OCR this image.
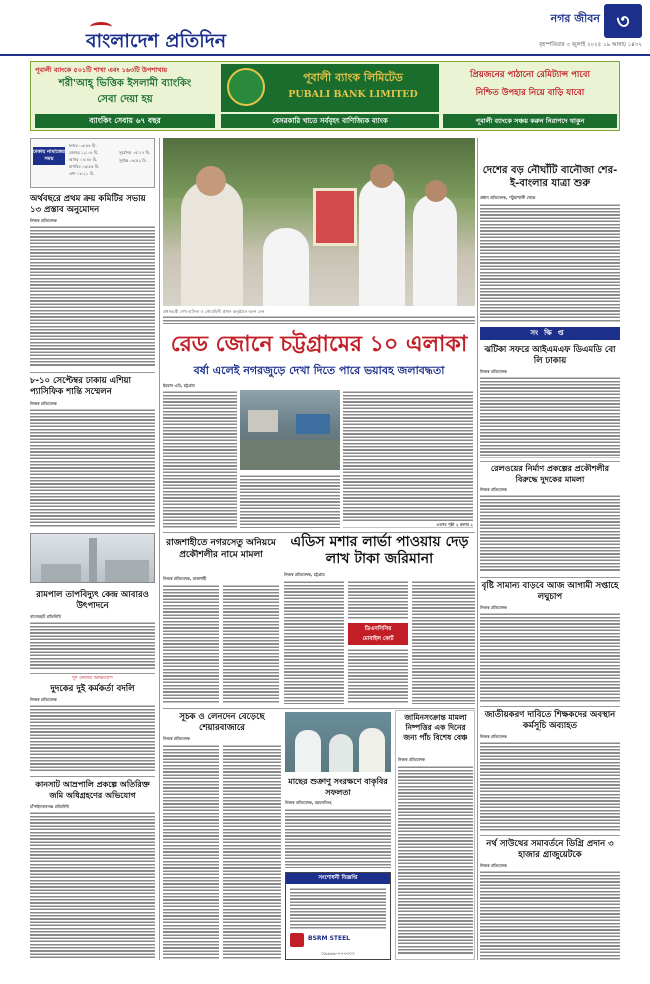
বাংলাদেশ প্রতিদিন
নগর জীবন ৩
বৃহস্পতিবার ৩ জুলাই ২০২৫ ১৯ আষাঢ় ১৪৩২
পূবালী ব্যাংকে ৫০১টি শাখা এবং ১৬৩টি উপশাখায়
শরী'আহ্ ভিত্তিক ইসলামী ব্যাংকিং
সেবা দেয়া হয়
ব্যাংকিং সেবায় ৬৭ বছর
পূবালী ব্যাংক লিমিটেড
PUBALI BANK LIMITED
বেসরকারি খাতে সর্ববৃহৎ বাণিজ্যিক ব্যাংক
প্রিয়জনের পাঠানো রেমিট্যান্স পাবো
নিশ্চিত উপহার নিয়ে বাড়ি যাবো
পূবালী ব্যাংকে সঞ্চয় করুন নিরাপদে থাকুন
ঢাকায় নামাজের সময়
ফজর ০৩:৫৪ মি.
জোহর ১২:০৮ মি.
আসর ০৪:৪৮ মি.
মাগরিব ০৬:৫৫ মি.
এশা ০৮:২১ মি.
সূর্যোদয় ০৫:১৭ মি.
সূর্যাস্ত ০৬:৫২ মি.
অর্থবছরে প্রথম ক্রয় কমিটির সভায় ১৩ প্রস্তাব অনুমোদন
নিজস্ব প্রতিবেদক
৮-১০ সেপ্টেম্বর ঢাকায় এশিয়া প্যাসিফিক শান্তি সম্মেলন
নিজস্ব প্রতিবেদক
রামপাল তাপবিদ্যুৎ কেন্দ্র আবারও উৎপাদনে
বাগেরহাট প্রতিনিধি
দুদ নেতার অভিযোগ
দুদকের দুই কর্মকর্তা বদলি
নিজস্ব প্রতিবেদক
কানসাট আম্রপালি প্রকল্পে অতিরিক্ত জমি অধিগ্রহণের অভিযোগ
চাঁপাইনবাবগঞ্জ প্রতিনিধি
প্রধানমন্ত্রী শেখ হাসিনা ও নৌবাহিনী প্রধান অনুষ্ঠানে অংশ নেন
দেশের বড় নৌঘাঁটি বানৌজা শের-ই-বাংলার যাত্রা শুরু
প্রধান প্রতিবেদক, পটুয়াখালী থেকে
সংক্ষিপ্ত
ঝটিকা সফরে আইএমএফ ডিএমডি বো লি ঢাকায়
নিজস্ব প্রতিবেদক
রেলওয়ের নির্মাণ প্রকল্পের প্রকৌশলীর বিরুদ্ধে দুদকের মামলা
নিজস্ব প্রতিবেদক
বৃষ্টি সামান্য বাড়বে আজ আগামী সপ্তাহে লঘুচাপ
নিজস্ব প্রতিবেদক
জাতীয়করণ দাবিতে শিক্ষকদের অবস্থান কর্মসূচি অব্যাহত
নিজস্ব প্রতিবেদক
নর্থ সাউথের সমাবর্তনে ডিগ্রি প্রদান ৩ হাজার গ্রাজুয়েটকে
নিজস্ব প্রতিবেদক
রেড জোনে চট্টগ্রামের ১০ এলাকা
বর্ষা এলেই নগরজুড়ে দেখা দিতে পারে ভয়াবহ জলাবদ্ধতা
ইমরান এমি, চট্টগ্রাম
এরপর পৃষ্ঠা ২ কলাম ২
রাজশাহীতে নগরসেতু অনিয়মে প্রকৌশলীর নামে মামলা
নিজস্ব প্রতিবেদক, রাজশাহী
এডিস মশার লার্ভা পাওয়ায় দেড় লাখ টাকা জরিমানা
নিজস্ব প্রতিবেদক, চট্টগ্রাম
ডিএনসিসির
মোবাইল কোর্ট
সূচক ও লেনদেন বেড়েছে শেয়ারবাজারে
নিজস্ব প্রতিবেদক
জামিনসংক্রান্ত মামলা নিষ্পত্তির এক দিনের জন্য পাঁচ বিশেষ বেঞ্চ
নিজস্ব প্রতিবেদক
মাছের শুক্রাণু সংরক্ষণে বাকৃবির সফলতা
নিজস্ব প্রতিবেদক, ময়মনসিংহ
সংশোধনী বিজ্ঞপ্তি
BSRM STEEL
০৯৬৬৬-৭৭৭০০০
